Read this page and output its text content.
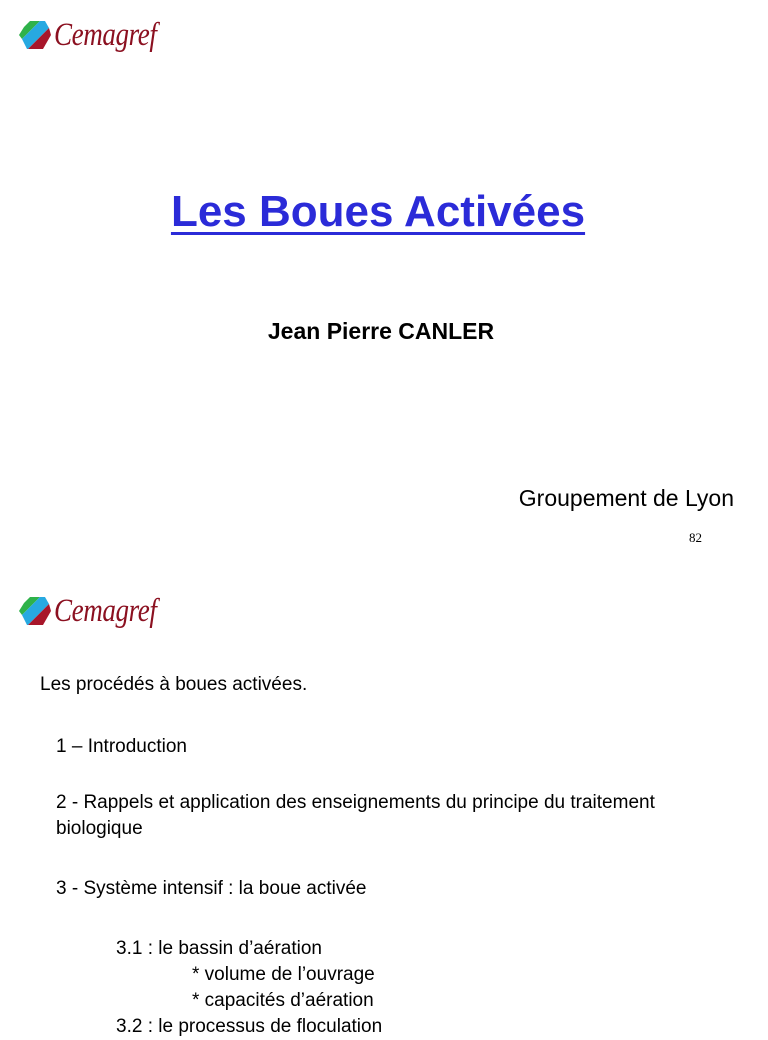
Cemagref
Les Boues Activées
Jean Pierre CANLER
Groupement de Lyon
82
Cemagref
Les procédés à boues activées.
1 – Introduction
2 - Rappels et application des enseignements du principe du traitement biologique
3 - Système intensif : la boue activée
3.1 : le bassin d’aération
* volume de l’ouvrage
* capacités d’aération
3.2 : le processus de floculation
